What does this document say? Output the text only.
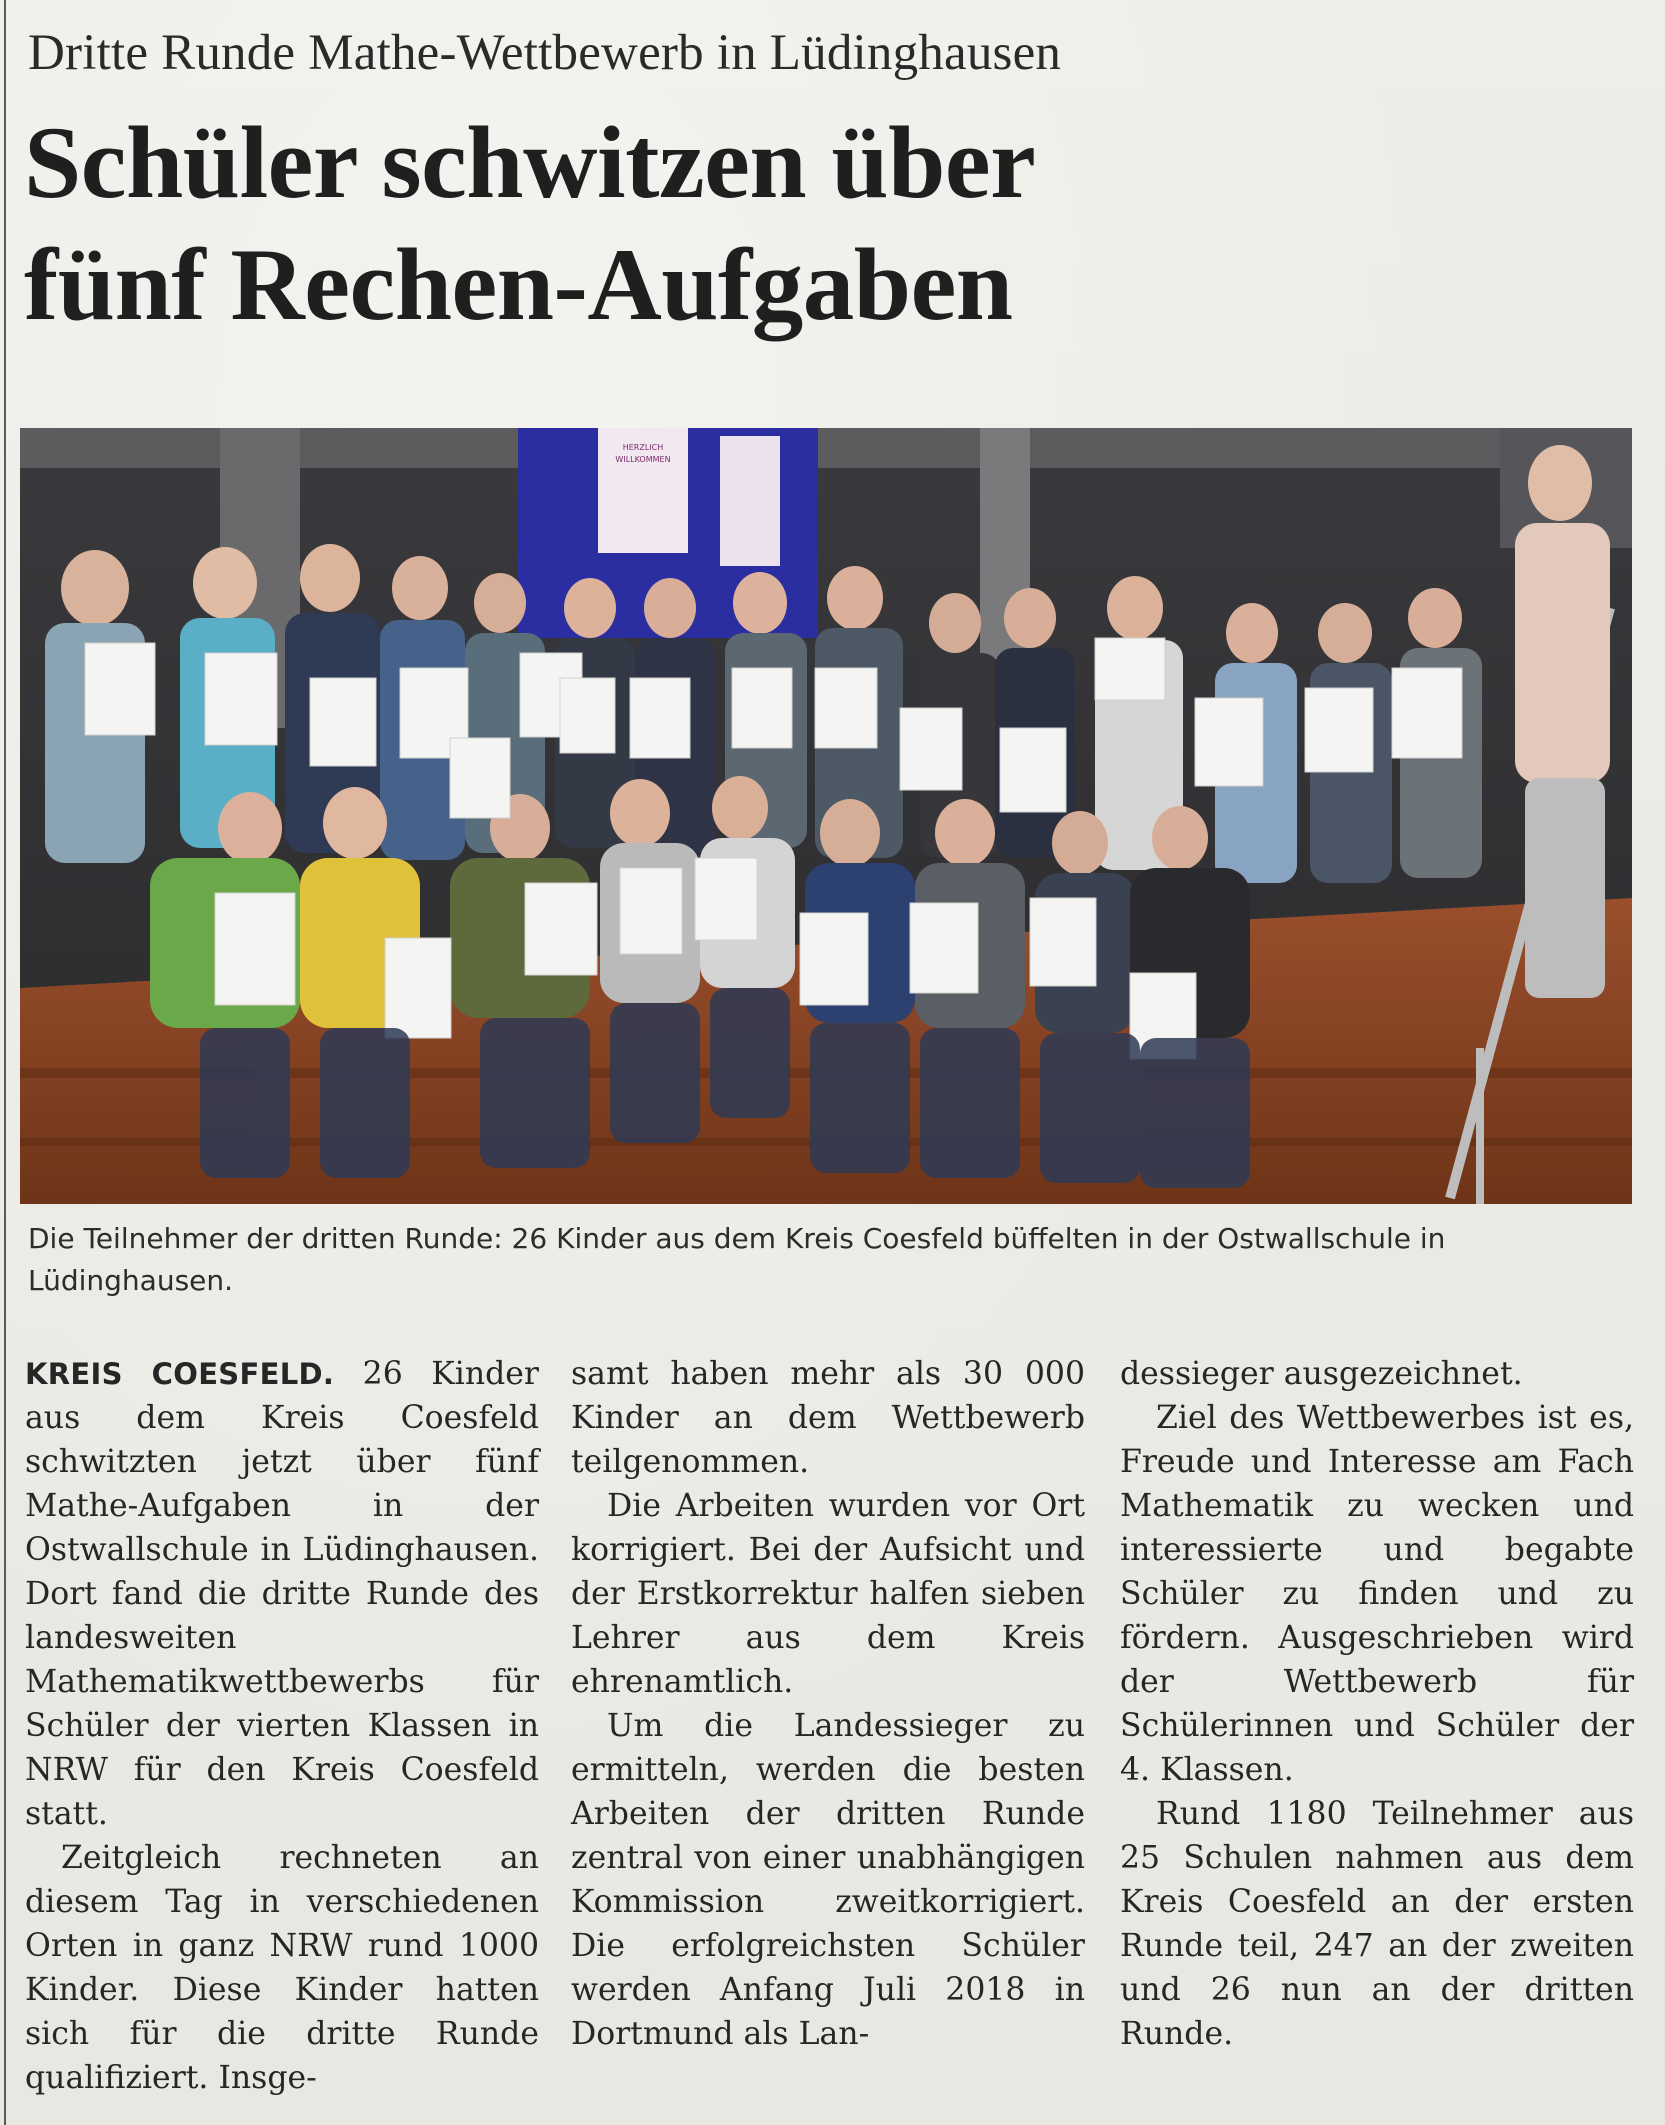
Dritte Runde Mathe-Wettbewerb in Lüdinghausen
Schüler schwitzen über
fünf Rechen-Aufgaben
HERZLICH
WILLKOMMEN
Die Teilnehmer der dritten Runde: 26 Kinder aus dem Kreis Coesfeld büffelten in der Ostwallschule in Lüdinghausen.

KREIS COESFELD. 26 Kinder aus dem Kreis Coesfeld schwitzten jetzt über fünf Mathe-Aufgaben in der Ostwallschule in Lüdinghausen. Dort fand die dritte Runde des landesweiten Mathematikwettbewerbs für Schüler der vierten Klassen in NRW für den Kreis Coesfeld statt.

Zeitgleich rechneten an diesem Tag in verschiedenen Orten in ganz NRW rund 1000 Kinder. Diese Kinder hatten sich für die dritte Runde qualifiziert. Insge-

samt haben mehr als 30 000 Kinder an dem Wettbewerb teilgenommen.

Die Arbeiten wurden vor Ort korrigiert. Bei der Aufsicht und der Erstkorrektur halfen sieben Lehrer aus dem Kreis ehrenamtlich.

Um die Landessieger zu ermitteln, werden die besten Arbeiten der dritten Runde zentral von einer unabhängigen Kommission zweitkorrigiert. Die erfolgreichsten Schüler werden Anfang Juli 2018 in Dortmund als Lan-

dessieger ausgezeichnet.

Ziel des Wettbewerbes ist es, Freude und Interesse am Fach Mathematik zu wecken und interessierte und begabte Schüler zu finden und zu fördern. Ausgeschrieben wird der Wettbewerb für Schülerinnen und Schüler der 4. Klassen.

Rund 1180 Teilnehmer aus 25 Schulen nahmen aus dem Kreis Coesfeld an der ersten Runde teil, 247 an der zweiten und 26 nun an der dritten Runde.
